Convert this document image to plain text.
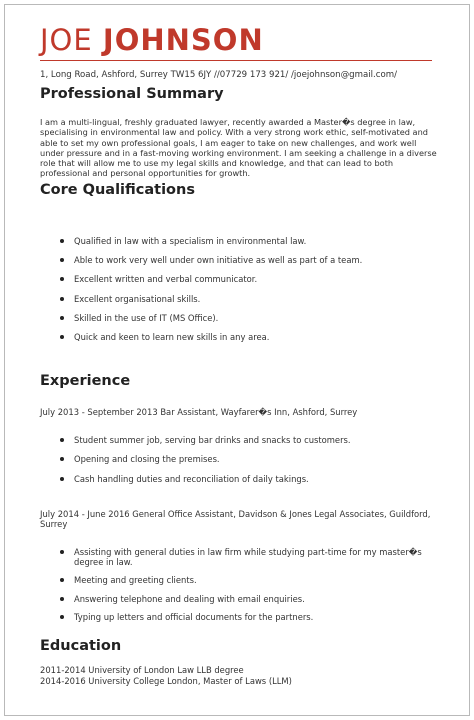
JOE JOHNSON
1, Long Road, Ashford, Surrey TW15 6JY //07729 173 921/ /joejohnson@gmail.com/
Professional Summary

I am a multi-lingual, freshly graduated lawyer, recently awarded a Master�s degree in law, specialising in environmental law and policy. With a very strong work ethic, self-motivated and able to set my own professional goals, I am eager to take on new challenges, and work well under pressure and in a fast-moving working environment. I am seeking a challenge in a diverse role that will allow me to use my legal skills and knowledge, and that can lead to both professional and personal opportunities for growth.

Core Qualifications
Qualified in law with a specialism in environmental law.
Able to work very well under own initiative as well as part of a team.
Excellent written and verbal communicator.
Excellent organisational skills.
Skilled in the use of IT (MS Office).
Quick and keen to learn new skills in any area.
Experience
July 2013 - September 2013 Bar Assistant, Wayfarer�s Inn, Ashford, Surrey
Student summer job, serving bar drinks and snacks to customers.
Opening and closing the premises.
Cash handling duties and reconciliation of daily takings.
July 2014 - June 2016 General Office Assistant, Davidson & Jones Legal Associates, Guildford, Surrey
Assisting with general duties in law firm while studying part-time for my master�s degree in law.
Meeting and greeting clients.
Answering telephone and dealing with email enquiries.
Typing up letters and official documents for the partners.
Education
2011-2014 University of London Law LLB degree
2014-2016 University College London, Master of Laws (LLM)
